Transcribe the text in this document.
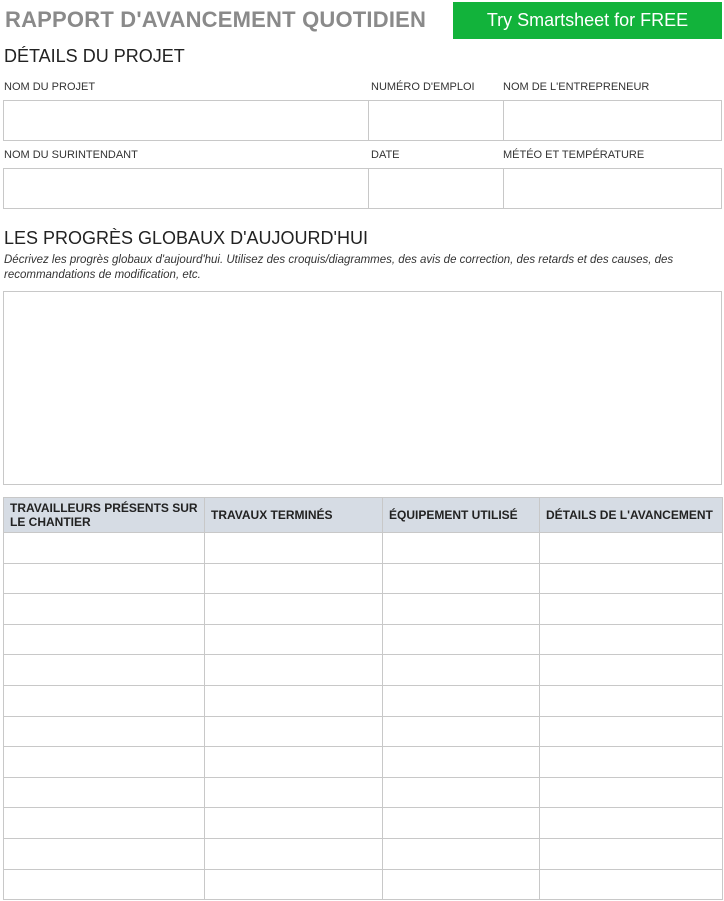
RAPPORT D'AVANCEMENT QUOTIDIEN	Try Smartsheet for FREE
DÉTAILS DU PROJET
NOM DU PROJET	NUMÉRO D'EMPLOI	NOM DE L'ENTREPRENEUR
NOM DU SURINTENDANT	DATE	MÉTÉO ET TEMPÉRATURE
LES PROGRÈS GLOBAUX D'AUJOURD'HUI
Décrivez les progrès globaux d'aujourd'hui. Utilisez des croquis/diagrammes, des avis de correction, des retards et des causes, des recommandations de modification, etc.
TRAVAILLEURS PRÉSENTS SUR LE CHANTIER	TRAVAUX TERMINÉS	ÉQUIPEMENT UTILISÉ	DÉTAILS DE L'AVANCEMENT
